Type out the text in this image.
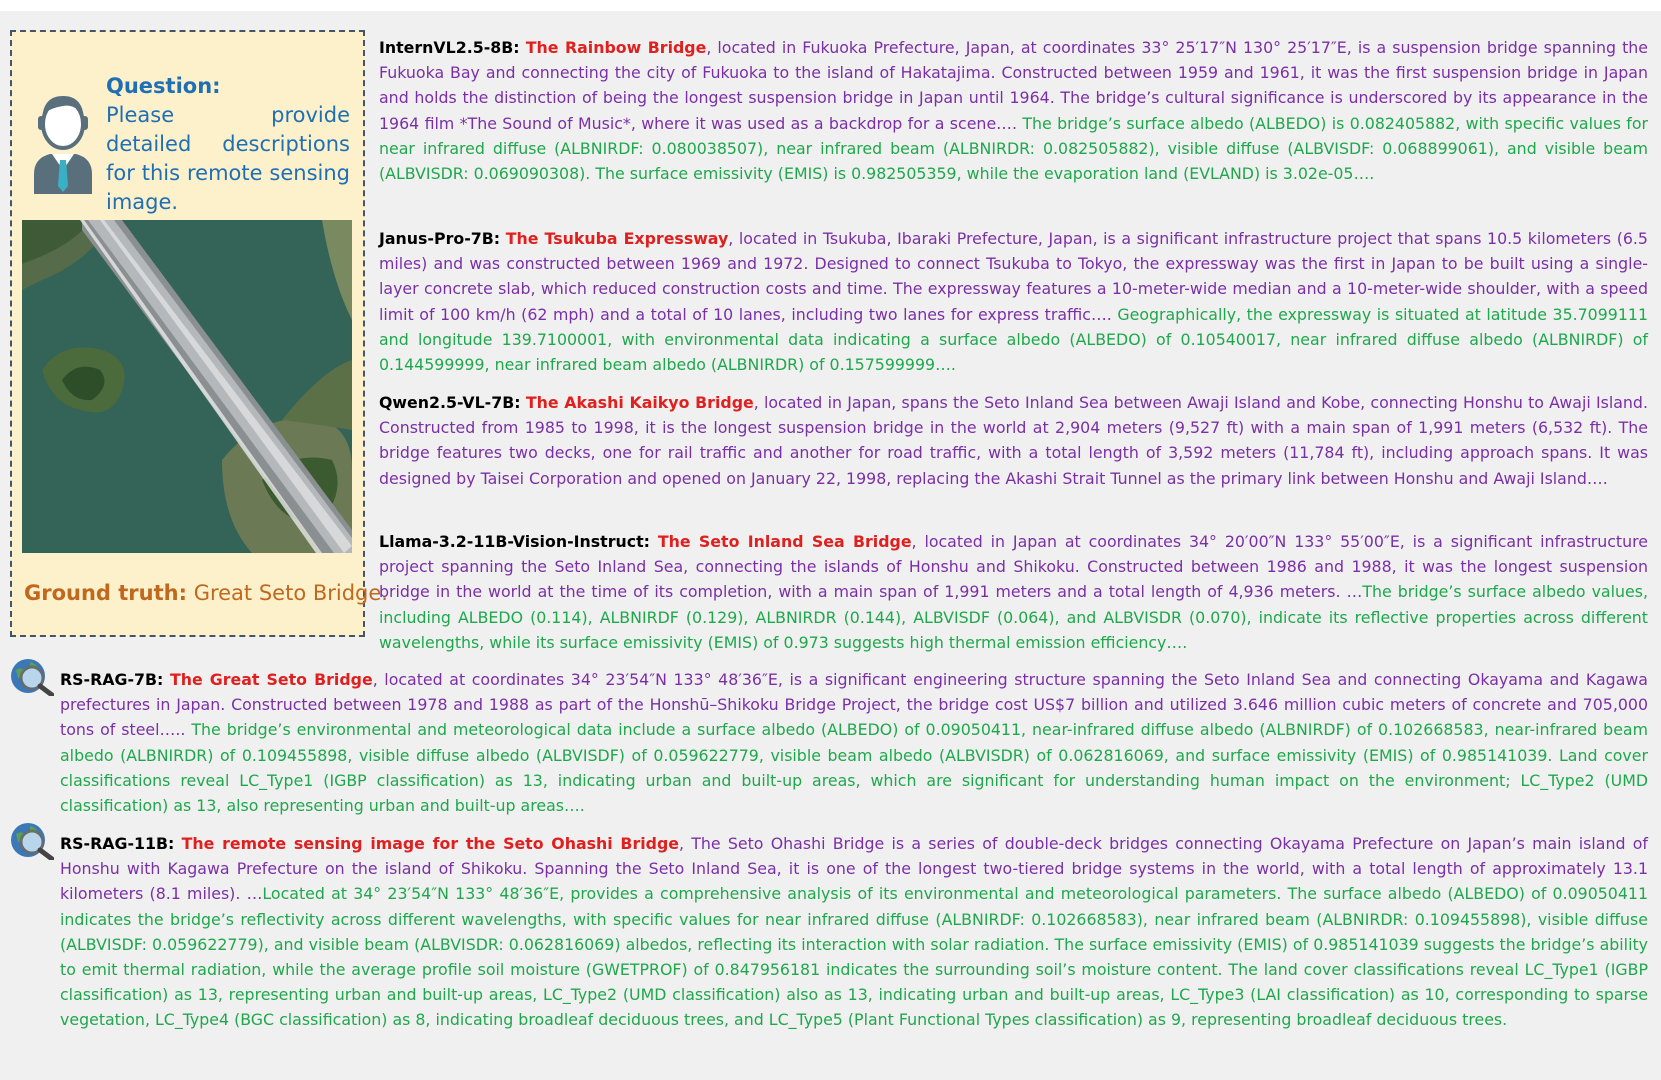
Question:
Please provide detailed descriptions for this remote sensing image.
Ground truth: Great Seto Bridge.

InternVL2.5-8B: The Rainbow Bridge, located in Fukuoka Prefecture, Japan, at coordinates 33° 25′17″N 130° 25′17″E, is a suspension bridge spanning the Fukuoka Bay and connecting the city of Fukuoka to the island of Hakatajima. Constructed between 1959 and 1961, it was the first suspension bridge in Japan and holds the distinction of being the longest suspension bridge in Japan until 1964. The bridge’s cultural significance is underscored by its appearance in the 1964 film *The Sound of Music*, where it was used as a backdrop for a scene…. The bridge’s surface albedo (ALBEDO) is 0.082405882, with specific values for near infrared diffuse (ALBNIRDF: 0.080038507), near infrared beam (ALBNIRDR: 0.082505882), visible diffuse (ALBVISDF: 0.068899061), and visible beam (ALBVISDR: 0.069090308). The surface emissivity (EMIS) is 0.982505359, while the evaporation land (EVLAND) is 3.02e-05….

Janus-Pro-7B: The Tsukuba Expressway, located in Tsukuba, Ibaraki Prefecture, Japan, is a significant infrastructure project that spans 10.5 kilometers (6.5 miles) and was constructed between 1969 and 1972. Designed to connect Tsukuba to Tokyo, the expressway was the first in Japan to be built using a single-layer concrete slab, which reduced construction costs and time. The expressway features a 10-meter-wide median and a 10-meter-wide shoulder, with a speed limit of 100 km/h (62 mph) and a total of 10 lanes, including two lanes for express traffic…. Geographically, the expressway is situated at latitude 35.7099111 and longitude 139.7100001, with environmental data indicating a surface albedo (ALBEDO) of 0.10540017, near infrared diffuse albedo (ALBNIRDF) of 0.144599999, near infrared beam albedo (ALBNIRDR) of 0.157599999….

Qwen2.5-VL-7B: The Akashi Kaikyo Bridge, located in Japan, spans the Seto Inland Sea between Awaji Island and Kobe, connecting Honshu to Awaji Island. Constructed from 1985 to 1998, it is the longest suspension bridge in the world at 2,904 meters (9,527 ft) with a main span of 1,991 meters (6,532 ft). The bridge features two decks, one for rail traffic and another for road traffic, with a total length of 3,592 meters (11,784 ft), including approach spans. It was designed by Taisei Corporation and opened on January 22, 1998, replacing the Akashi Strait Tunnel as the primary link between Honshu and Awaji Island….

Llama-3.2-11B-Vision-Instruct: The Seto Inland Sea Bridge, located in Japan at coordinates 34° 20′00″N 133° 55′00″E, is a significant infrastructure project spanning the Seto Inland Sea, connecting the islands of Honshu and Shikoku. Constructed between 1986 and 1988, it was the longest suspension bridge in the world at the time of its completion, with a main span of 1,991 meters and a total length of 4,936 meters. …The bridge’s surface albedo values, including ALBEDO (0.114), ALBNIRDF (0.129), ALBNIRDR (0.144), ALBVISDF (0.064), and ALBVISDR (0.070), indicate its reflective properties across different wavelengths, while its surface emissivity (EMIS) of 0.973 suggests high thermal emission efficiency….

RS-RAG-7B: The Great Seto Bridge, located at coordinates 34° 23′54″N 133° 48′36″E, is a significant engineering structure spanning the Seto Inland Sea and connecting Okayama and Kagawa prefectures in Japan. Constructed between 1978 and 1988 as part of the Honshū–Shikoku Bridge Project, the bridge cost US$7 billion and utilized 3.646 million cubic meters of concrete and 705,000 tons of steel….. The bridge’s environmental and meteorological data include a surface albedo (ALBEDO) of 0.09050411, near-infrared diffuse albedo (ALBNIRDF) of 0.102668583, near-infrared beam albedo (ALBNIRDR) of 0.109455898, visible diffuse albedo (ALBVISDF) of 0.059622779, visible beam albedo (ALBVISDR) of 0.062816069, and surface emissivity (EMIS) of 0.985141039. Land cover classifications reveal LC_Type1 (IGBP classification) as 13, indicating urban and built-up areas, which are significant for understanding human impact on the environment; LC_Type2 (UMD classification) as 13, also representing urban and built-up areas….

RS-RAG-11B: The remote sensing image for the Seto Ohashi Bridge, The Seto Ohashi Bridge is a series of double-deck bridges connecting Okayama Prefecture on Japan’s main island of Honshu with Kagawa Prefecture on the island of Shikoku. Spanning the Seto Inland Sea, it is one of the longest two-tiered bridge systems in the world, with a total length of approximately 13.1 kilometers (8.1 miles). …Located at 34° 23′54″N 133° 48′36″E, provides a comprehensive analysis of its environmental and meteorological parameters. The surface albedo (ALBEDO) of 0.09050411 indicates the bridge’s reflectivity across different wavelengths, with specific values for near infrared diffuse (ALBNIRDF: 0.102668583), near infrared beam (ALBNIRDR: 0.109455898), visible diffuse (ALBVISDF: 0.059622779), and visible beam (ALBVISDR: 0.062816069) albedos, reflecting its interaction with solar radiation. The surface emissivity (EMIS) of 0.985141039 suggests the bridge’s ability to emit thermal radiation, while the average profile soil moisture (GWETPROF) of 0.847956181 indicates the surrounding soil’s moisture content. The land cover classifications reveal LC_Type1 (IGBP classification) as 13, representing urban and built-up areas, LC_Type2 (UMD classification) also as 13, indicating urban and built-up areas, LC_Type3 (LAI classification) as 10, corresponding to sparse vegetation, LC_Type4 (BGC classification) as 8, indicating broadleaf deciduous trees, and LC_Type5 (Plant Functional Types classification) as 9, representing broadleaf deciduous trees.
